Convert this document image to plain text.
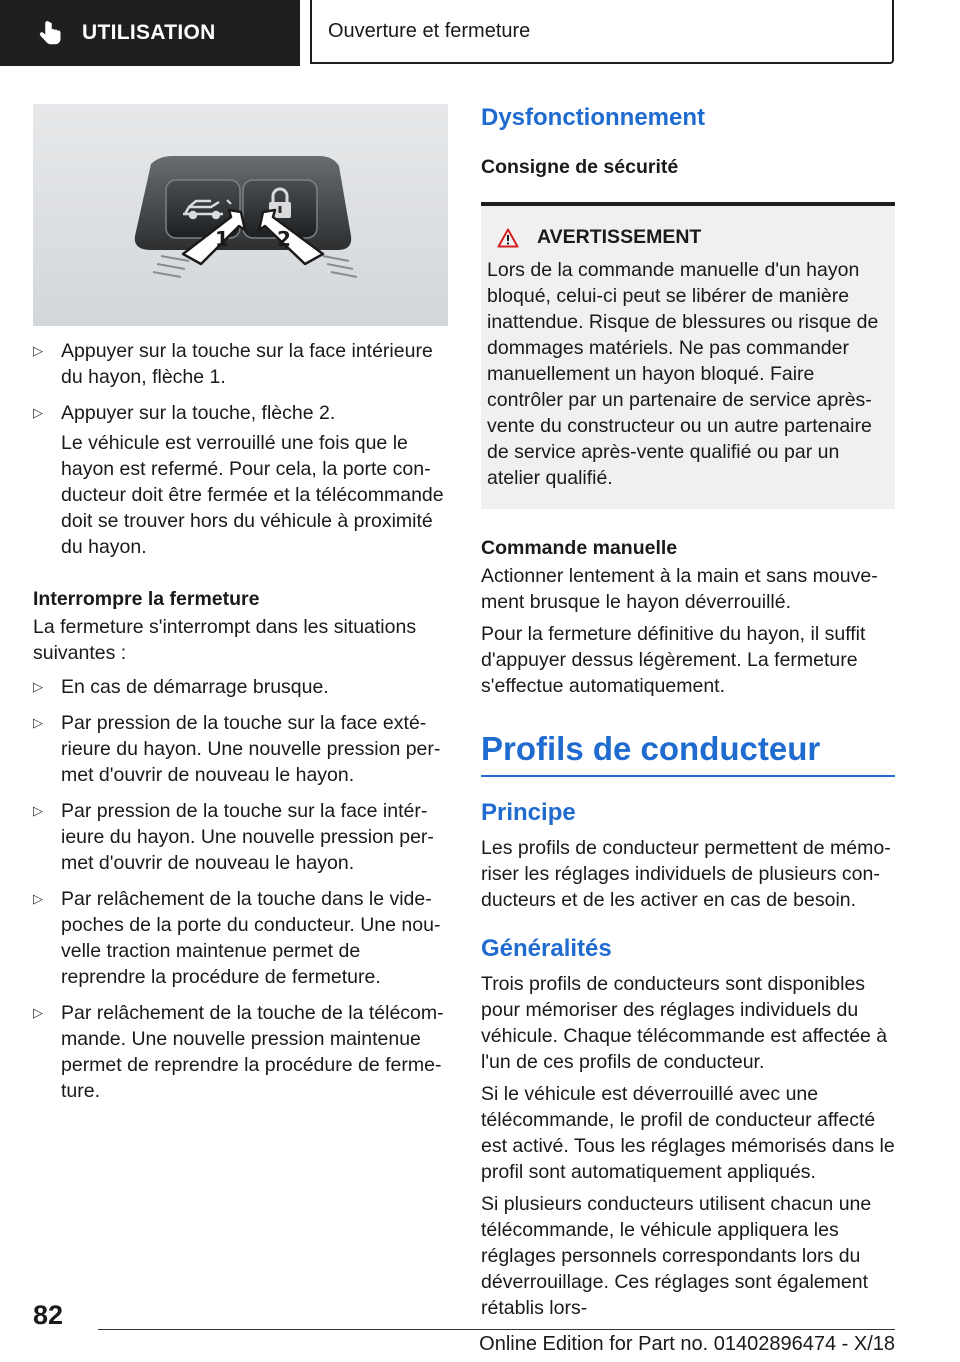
UTILISATION	Ouverture et fermeture
1 2
▷ Appuyer sur la touche sur la face intérieure du hayon, flèche 1.
▷ Appuyer sur la touche, flèche 2.

Le véhicule est verrouillé une fois que le hayon est refermé. Pour cela, la porte conducteur doit être fermée et la télécommande doit se trouver hors du véhicule à proximité du hayon.

Interrompre la fermeture

La fermeture s'interrompt dans les situations suivantes :

▷ En cas de démarrage brusque.
▷ Par pression de la touche sur la face extérieure du hayon. Une nouvelle pression permet d'ouvrir de nouveau le hayon.
▷ Par pression de la touche sur la face intérieure du hayon. Une nouvelle pression permet d'ouvrir de nouveau le hayon.
▷ Par relâchement de la touche dans le vide-poches de la porte du conducteur. Une nouvelle traction maintenue permet de reprendre la procédure de fermeture.
▷ Par relâchement de la touche de la télécommande. Une nouvelle pression maintenue permet de reprendre la procédure de fermeture.

Dysfonctionnement

Consigne de sécurité

AVERTISSEMENT

Lors de la commande manuelle d'un hayon bloqué, celui-ci peut se libérer de manière inattendue. Risque de blessures ou risque de dommages matériels. Ne pas commander manuellement un hayon bloqué. Faire contrôler par un partenaire de service après-vente du constructeur ou un autre partenaire de service après-vente qualifié ou par un atelier qualifié.

Commande manuelle

Actionner lentement à la main et sans mouvement brusque le hayon déverrouillé.

Pour la fermeture définitive du hayon, il suffit d'appuyer dessus légèrement. La fermeture s'effectue automatiquement.

Profils de conducteur

Principe

Les profils de conducteur permettent de mémoriser les réglages individuels de plusieurs conducteurs et de les activer en cas de besoin.

Généralités

Trois profils de conducteurs sont disponibles pour mémoriser des réglages individuels du véhicule. Chaque télécommande est affectée à l'un de ces profils de conducteur.

Si le véhicule est déverrouillé avec une télécommande, le profil de conducteur affecté est activé. Tous les réglages mémorisés dans le profil sont automatiquement appliqués.

Si plusieurs conducteurs utilisent chacun une télécommande, le véhicule appliquera les réglages personnels correspondants lors du déverrouillage. Ces réglages sont également rétablis lors-

82
Online Edition for Part no. 01402896474 - X/18
